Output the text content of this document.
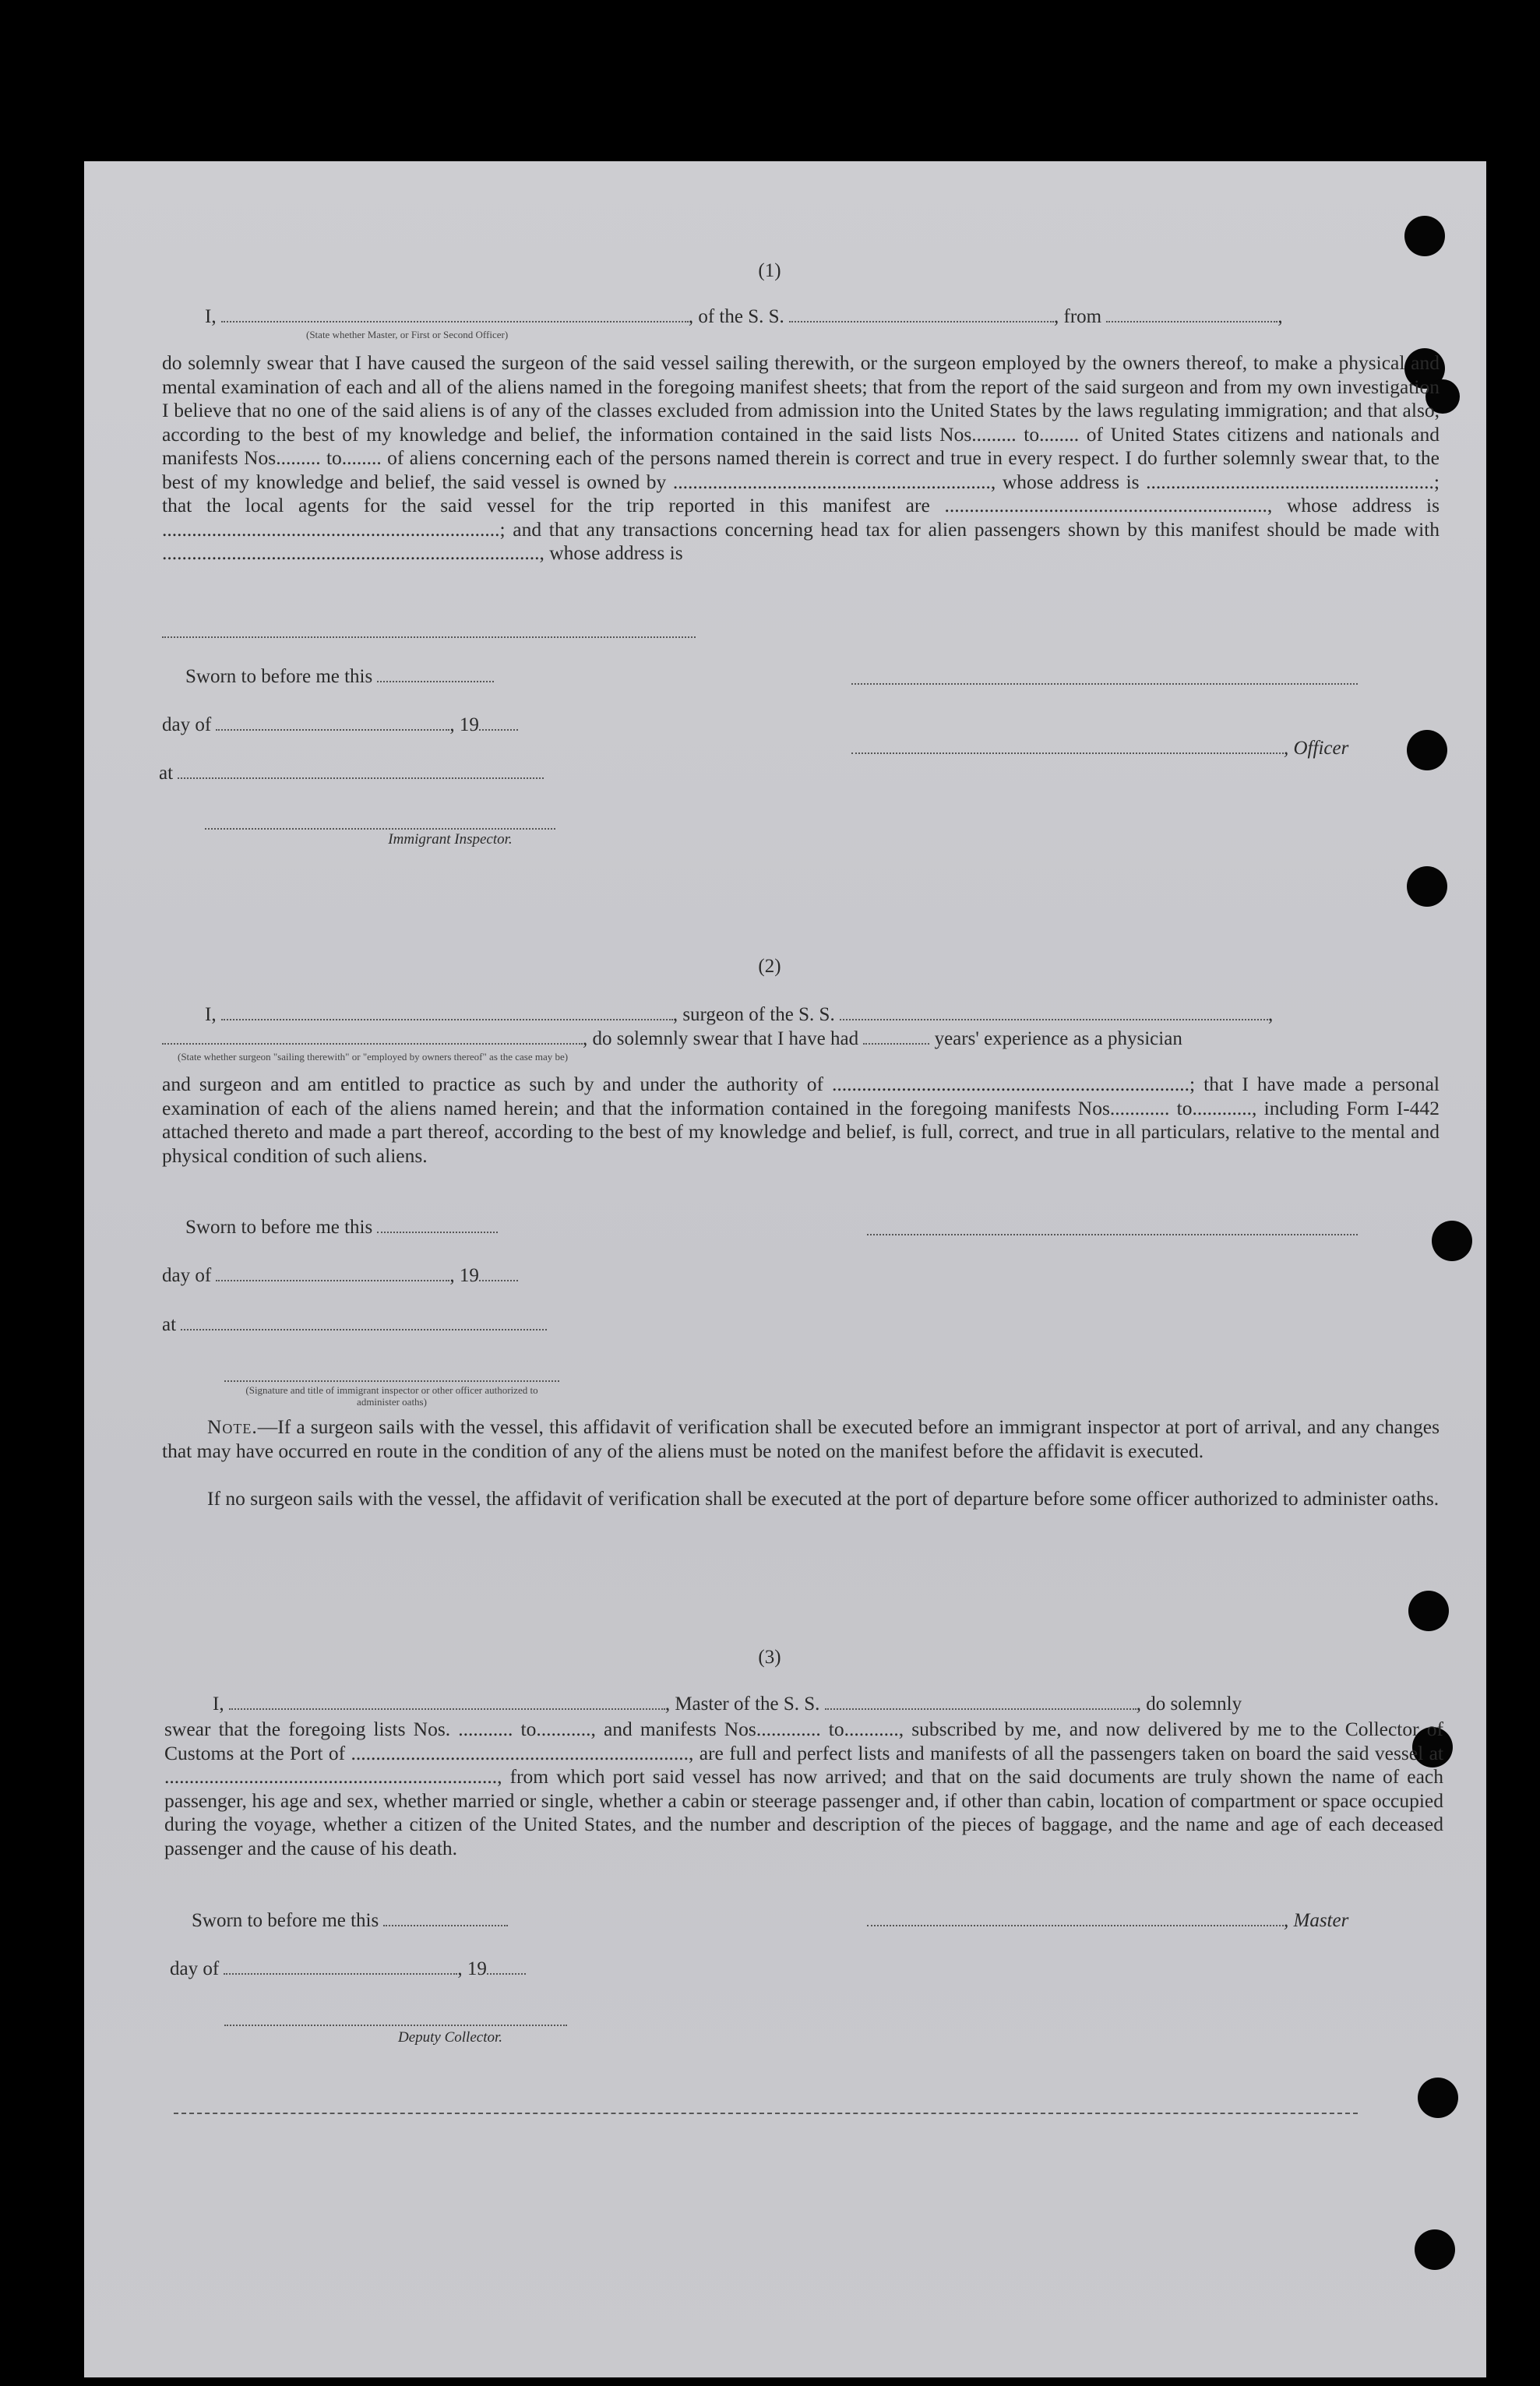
(1)
I,	, of the S. S.	, from	,
(State whether Master, or First or Second Officer)
do solemnly swear that I have caused the surgeon of the said vessel sailing therewith, or the surgeon employed by the owners thereof, to make a physical and mental examination of each and all of the aliens named in the foregoing manifest sheets; that from the report of the said surgeon and from my own investigation I believe that no one of the said aliens is of any of the classes excluded from admission into the United States by the laws regulating immigration; and that also, according to the best of my knowledge and belief, the information contained in the said lists Nos......... to........ of United States citizens and nationals and manifests Nos......... to........ of aliens concerning each of the persons named therein is correct and true in every respect. I do further solemnly swear that, to the best of my knowledge and belief, the said vessel is owned by ................................................................, whose address is ..........................................................; that the local agents for the said vessel for the trip reported in this manifest are ................................................................., whose address is ....................................................................; and that any transactions concerning head tax for alien passengers shown by this manifest should be made with ............................................................................, whose address is
Sworn to before me this
day of	, 19
, Officer
at
Immigrant Inspector.
(2)
I,	, surgeon of the S. S.	,
, do solemnly swear that I have had	years' experience as a physician
(State whether surgeon "sailing therewith" or "employed by owners thereof" as the case may be)
and surgeon and am entitled to practice as such by and under the authority of ........................................................................; that I have made a personal examination of each of the aliens named herein; and that the information contained in the foregoing manifests Nos............ to............, including Form I-442 attached thereto and made a part thereof, according to the best of my knowledge and belief, is full, correct, and true in all particulars, relative to the mental and physical condition of such aliens.
Sworn to before me this
day of	, 19
at
(Signature and title of immigrant inspector or other officer authorized to administer oaths)
Note.—If a surgeon sails with the vessel, this affidavit of verification shall be executed before an immigrant inspector at port of arrival, and any changes that may have occurred en route in the condition of any of the aliens must be noted on the manifest before the affidavit is executed.
If no surgeon sails with the vessel, the affidavit of verification shall be executed at the port of departure before some officer authorized to administer oaths.
(3)
I,	, Master of the S. S.	, do solemnly
swear that the foregoing lists Nos. ........... to..........., and manifests Nos............. to..........., subscribed by me, and now delivered by me to the Collector of Customs at the Port of ...................................................................., are full and perfect lists and manifests of all the passengers taken on board the said vessel at ..................................................................., from which port said vessel has now arrived; and that on the said documents are truly shown the name of each passenger, his age and sex, whether married or single, whether a cabin or steerage passenger and, if other than cabin, location of compartment or space occupied during the voyage, whether a citizen of the United States, and the number and description of the pieces of baggage, and the name and age of each deceased passenger and the cause of his death.
Sworn to before me this	, Master
day of	, 19
Deputy Collector.
